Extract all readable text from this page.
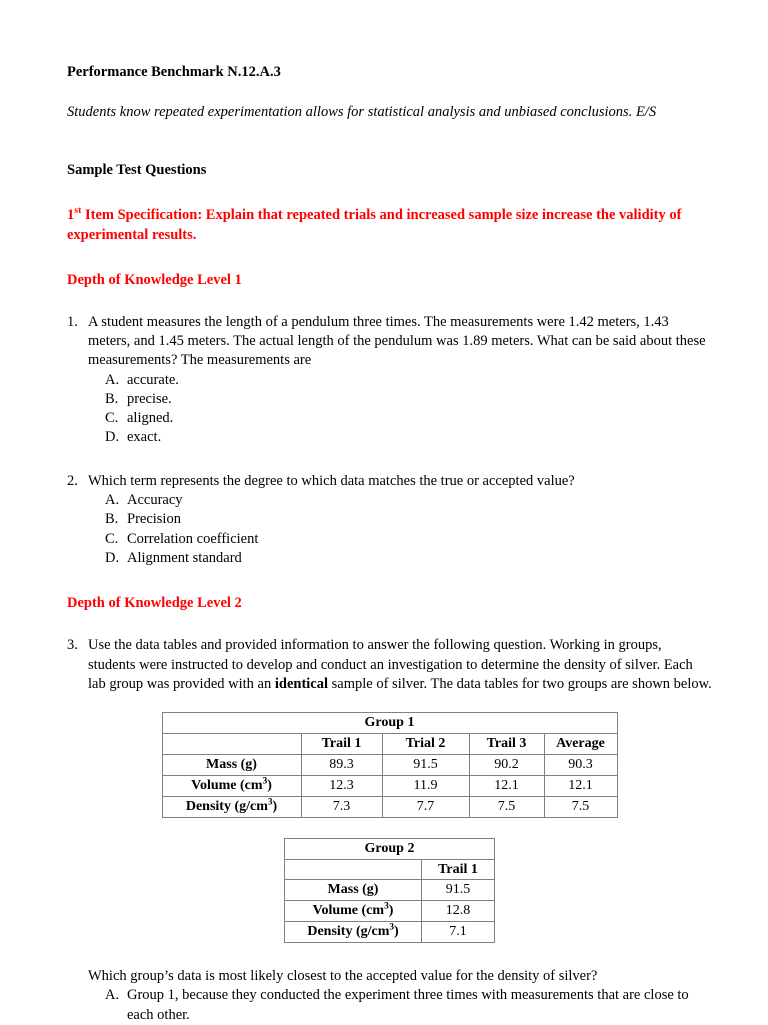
Performance Benchmark N.12.A.3

Students know repeated experimentation allows for statistical analysis and unbiased conclusions. E/S

Sample Test Questions

1st Item Specification: Explain that repeated trials and increased sample size increase the validity of experimental results.

Depth of Knowledge Level 1

1. A student measures the length of a pendulum three times. The measurements were 1.42 meters, 1.43 meters, and 1.45 meters. The actual length of the pendulum was 1.89 meters. What can be said about these measurements? The measurements are

A. accurate.
B. precise.
C. aligned.
D. exact.
2. Which term represents the degree to which data matches the true or accepted value?

A. Accuracy
B. Precision
C. Correlation coefficient
D. Alignment standard

Depth of Knowledge Level 2

3. Use the data tables and provided information to answer the following question. Working in groups, students were instructed to develop and conduct an investigation to determine the density of silver. Each lab group was provided with an identical sample of silver. The data tables for two groups are shown below.

Group 1				
	Trail 1	Trial 2	Trail 3	Average
Mass (g)	89.3	91.5	90.2	90.3
Volume $(cm^3)$	12.3	11.9	12.1	12.1
Density $(g/cm^3)$	7.3	7.7	7.5	7.5
Group 2	
	Trail 1
Mass (g)	91.5
Volume $(cm^3)$	12.8
Density $(g/cm^3)$	7.1

Which group’s data is most likely closest to the accepted value for the density of silver?

A. Group 1, because they conducted the experiment three times with measurements that are close to each other.
